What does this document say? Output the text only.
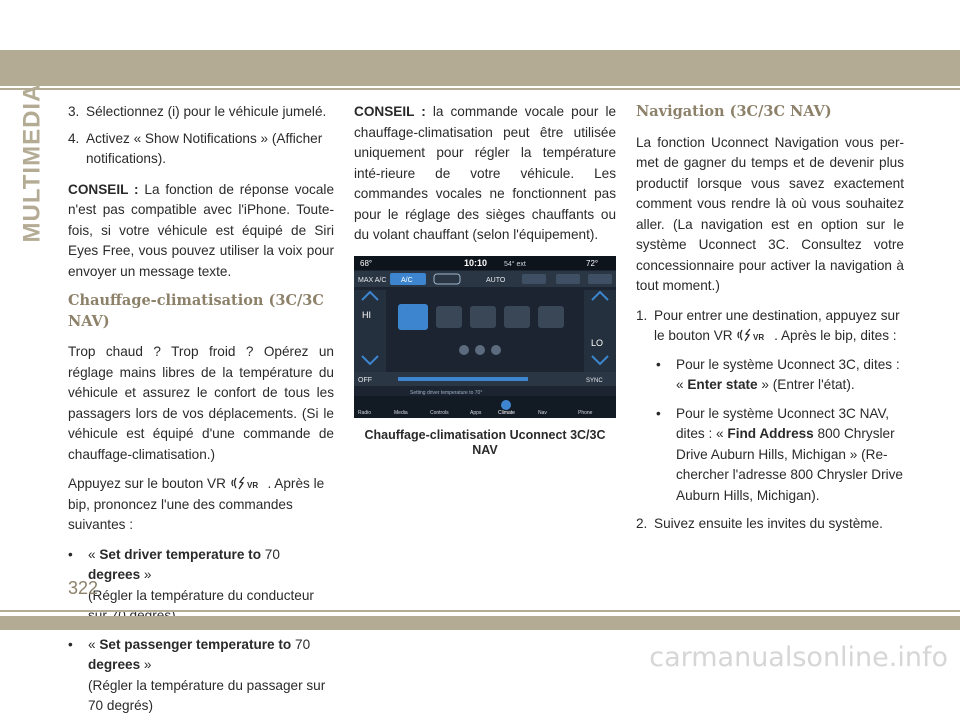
MULTIMEDIA 3. Sélectionnez (i) pour le véhicule jumelé.
4. Activez « Show Notifications » (Afficher notifications).

CONSEIL : La fonction de réponse vocale n'est pas compatible avec l'iPhone. Toute-fois, si votre véhicule est équipé de Siri Eyes Free, vous pouvez utiliser la voix pour envoyer un message texte.

Chauffage-climatisation (3C/3C NAV)

Trop chaud ? Trop froid ? Opérez un réglage mains libres de la température du véhicule et assurez le confort de tous les passagers lors de vos déplacements. (Si le véhicule est équipé d'une commande de chauffage-climatisation.)

Appuyez sur le bouton VR	VR . Après le bip, prononcez l'une des commandes suivantes :

•	« Set driver temperature to 70 degrees »
(Régler la température du conducteur
•	« Set passenger temperature to 70 degrees »
(Régler la température du passager sur 70 degrés)

CONSEIL : la commande vocale pour le chauffage-climatisation peut être utilisée uniquement pour régler la température inté-rieure de votre véhicule. Les commandes vocales ne fonctionnent pas pour le réglage des sièges chauffants ou du volant chauffant (selon l'équipement).

68°	10:10 54° ext	72°
MAX A/C A/C	AUTO
HI
LO
OFF	SYNC
Setting driver temperature to 70°
Radio	Media	Controls	Apps	Climate	Nav	Phone
Chauffage-climatisation Uconnect 3C/3C NAV
Navigation (3C/3C NAV)

La fonction Uconnect Navigation vous per-met de gagner du temps et de devenir plus productif lorsque vous savez exactement comment vous rendre là où vous souhaitez aller. (La navigation est en option sur le système Uconnect 3C. Consultez votre concessionnaire pour activer la navigation à tout moment.)

1. Pour entrer une destination, appuyez sur le bouton VR	VR . Après le bip, dites :
•	Pour le système Uconnect 3C, dites : « Enter state » (Entrer l'état).
•	Pour le système Uconnect 3C NAV, dites : « Find Address 800 Chrysler Drive Auburn Hills, Michigan » (Re-chercher l'adresse 800 Chrysler Drive Auburn Hills, Michigan).
2. Suivez ensuite les invites du système.
322
carmanualsonline.info
